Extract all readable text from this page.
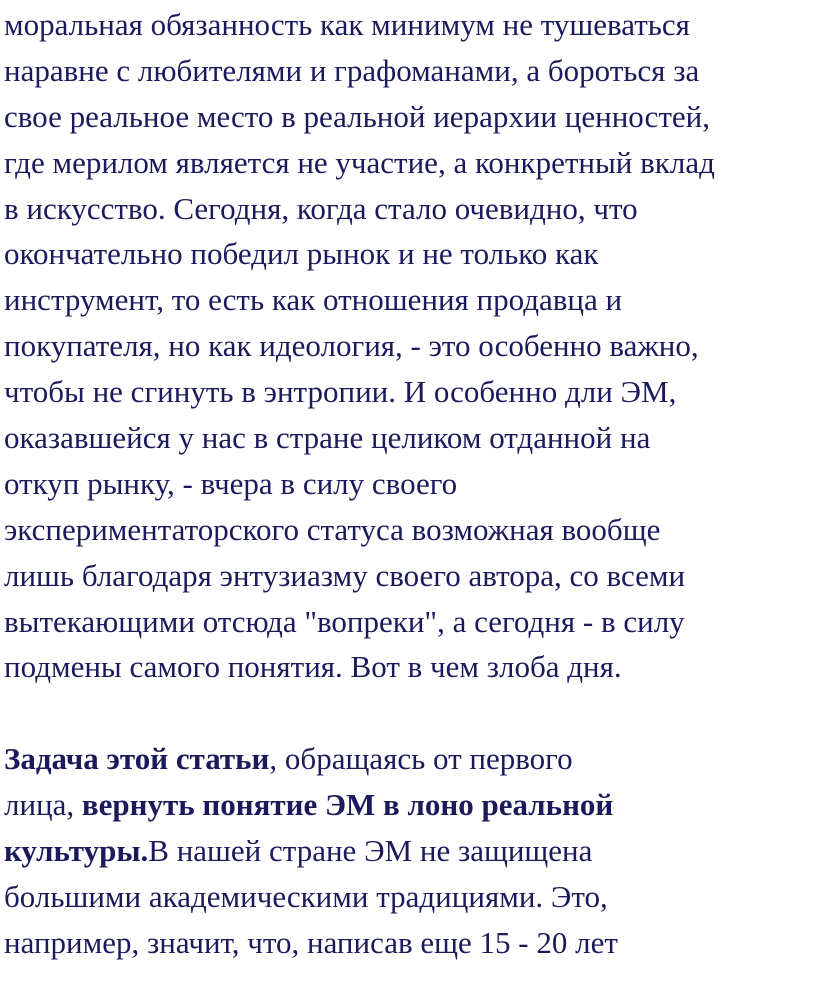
моральная обязанность как минимум не тушеваться
наравне с любителями и графоманами, а бороться за
свое реальное место в реальной иерархии ценностей,
где мерилом является не участие, а конкретный вклад
в искусство. Сегодня, когда стало очевидно, что
окончательно победил рынок и не только как
инструмент, то есть как отношения продавца и
покупателя, но как идеология, - это особенно важно,
чтобы не сгинуть в энтропии. И особенно дли ЭМ,
оказавшейся у нас в стране целиком отданной на
откуп рынку, - вчера в силу своего
экспериментаторского статуса возможная вообще
лишь благодаря энтузиазму своего автора, со всеми
вытекающими отсюда "вопреки", а сегодня - в силу
подмены самого понятия. Вот в чем злоба дня.
Задача этой статьи, обращаясь от первого
лица, вернуть понятие ЭМ в лоно реальной
культуры.В нашей стране ЭМ не защищена
большими академическими традициями. Это,
например, значит, что, написав еще 15 - 20 лет
